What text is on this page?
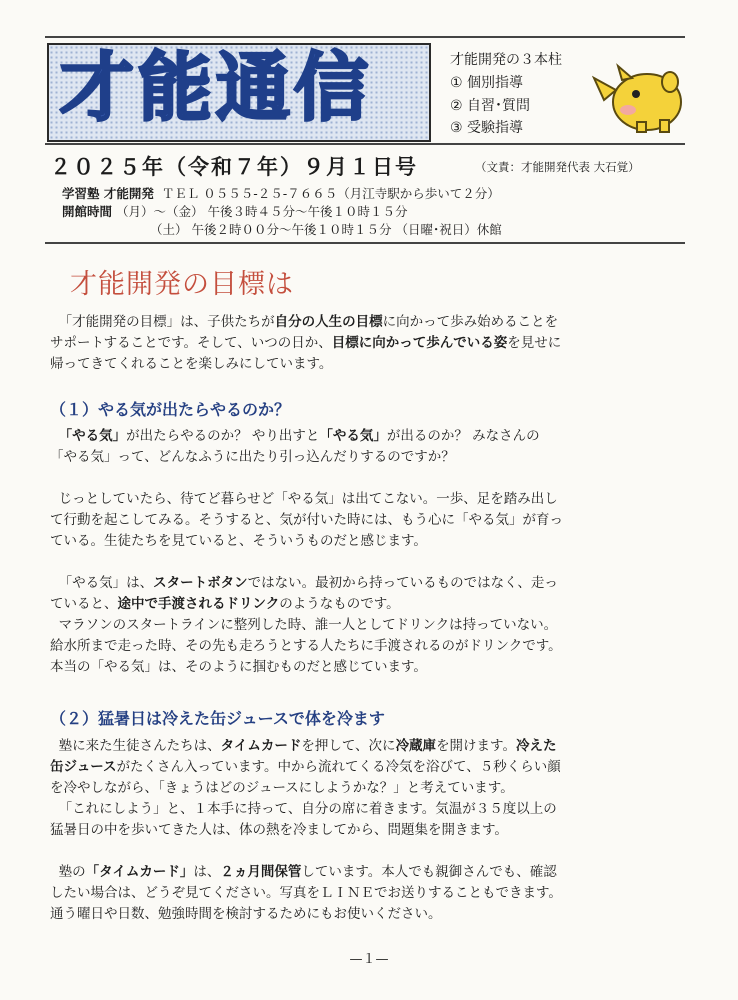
才能通信	才能開発の３本柱
① 個別指導
② 自習･質問
③ 受験指導
２０２５年（令和７年）９月１日号	（文責：才能開発代表 大石覚）
学習塾 才能開発 ＴＥＬ ０５５５-２５-７６６５（月江寺駅から歩いて２分）
開館時間 （月）～（金） 午後３時４５分～午後１０時１５分
（土） 午後２時００分～午後１０時１５分 （日曜･祝日）休館
才能開発の目標は
「才能開発の目標」は、子供たちが自分の人生の目標に向かって歩み始めることを
サポートすることです。そして、いつの日か、目標に向かって歩んでいる姿を見せに
帰ってきてくれることを楽しみにしています。
（１）やる気が出たらやるのか？
「やる気」が出たらやるのか？ やり出すと「やる気」が出るのか？ みなさんの
「やる気」って、どんなふうに出たり引っ込んだりするのですか？

じっとしていたら、待てど暮らせど「やる気」は出てこない。一歩、足を踏み出し
て行動を起こしてみる。そうすると、気が付いた時には、もう心に「やる気」が育っ
ている。生徒たちを見ていると、そういうものだと感じます。

「やる気」は、スタートボタンではない。最初から持っているものではなく、走っ
ていると、途中で手渡されるドリンクのようなものです。
マラソンのスタートラインに整列した時、誰一人としてドリンクは持っていない。
給水所まで走った時、その先も走ろうとする人たちに手渡されるのがドリンクです。
本当の「やる気」は、そのように掴むものだと感じています。
（２）猛暑日は冷えた缶ジュースで体を冷ます
塾に来た生徒さんたちは、タイムカードを押して、次に冷蔵庫を開けます。冷えた
缶ジュースがたくさん入っています。中から流れてくる冷気を浴びて、５秒くらい顔
を冷やしながら、「きょうはどのジュースにしようかな？」と考えています。
「これにしよう」と、１本手に持って、自分の席に着きます。気温が３５度以上の
猛暑日の中を歩いてきた人は、体の熱を冷ましてから、問題集を開きます。

塾の「タイムカード」は、２ヵ月間保管しています。本人でも親御さんでも、確認
したい場合は、どうぞ見てください。写真をＬＩＮＥでお送りすることもできます。
通う曜日や日数、勉強時間を検討するためにもお使いください。
—１—
